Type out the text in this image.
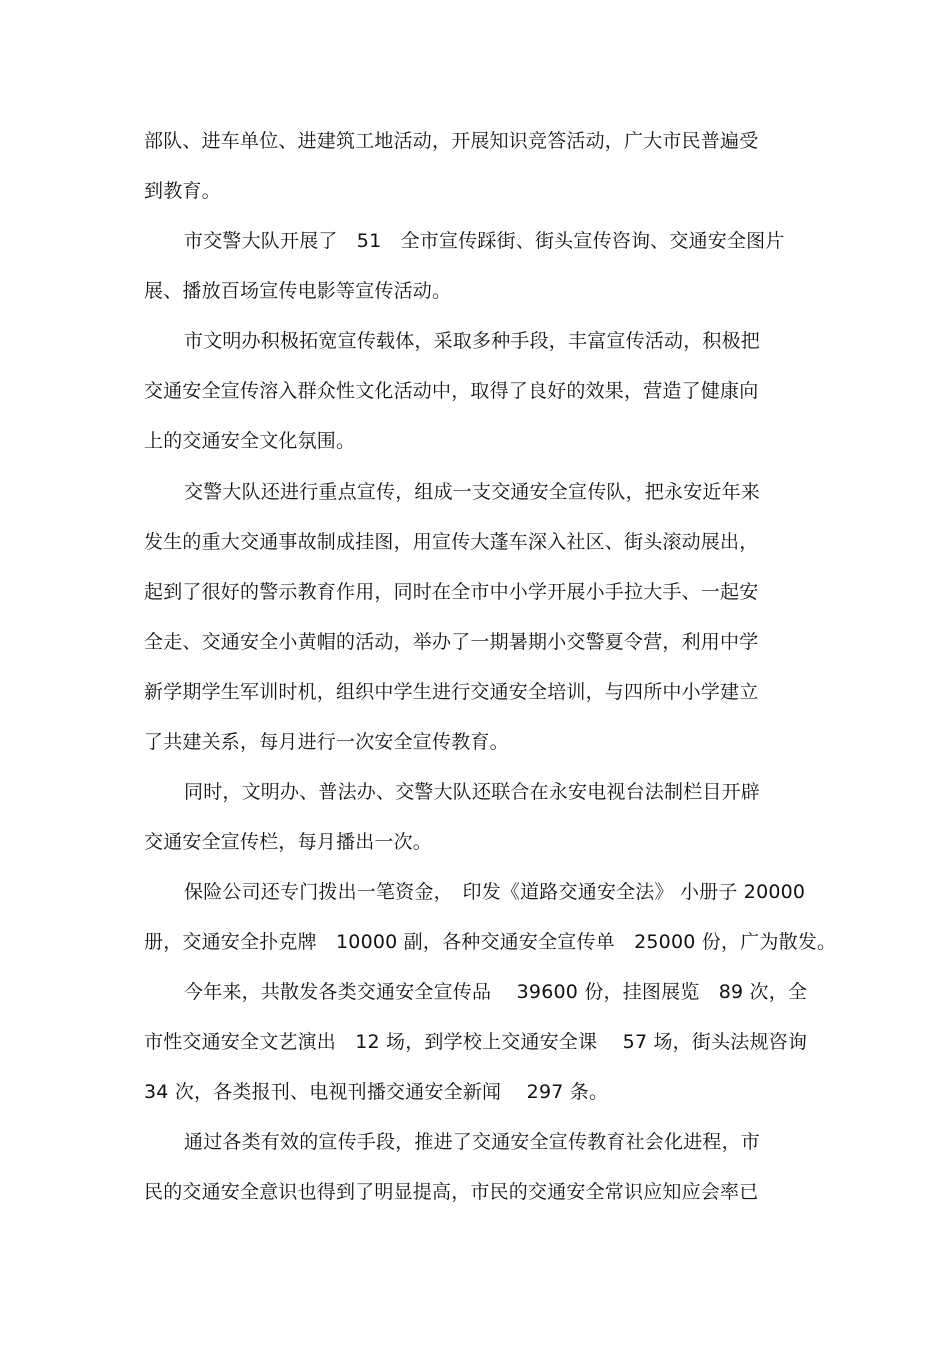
部队、进车单位、进建筑工地活动，开展知识竞答活动，广大市民普遍受
到教育。
市交警大队开展了　51　全市宣传踩街、街头宣传咨询、交通安全图片
展、播放百场宣传电影等宣传活动。
市文明办积极拓宽宣传载体，采取多种手段，丰富宣传活动，积极把
交通安全宣传溶入群众性文化活动中，取得了良好的效果，营造了健康向
上的交通安全文化氛围。
交警大队还进行重点宣传，组成一支交通安全宣传队，把永安近年来
发生的重大交通事故制成挂图，用宣传大蓬车深入社区、街头滚动展出，
起到了很好的警示教育作用，同时在全市中小学开展小手拉大手、一起安
全走、交通安全小黄帽的活动，举办了一期暑期小交警夏令营，利用中学
新学期学生军训时机，组织中学生进行交通安全培训，与四所中小学建立
了共建关系，每月进行一次安全宣传教育。
同时，文明办、普法办、交警大队还联合在永安电视台法制栏目开辟
交通安全宣传栏，每月播出一次。
保险公司还专门拨出一笔资金，　印发《道路交通安全法》 小册子 20000
册，交通安全扑克牌　10000 副，各种交通安全宣传单　25000 份，广为散发。
今年来，共散发各类交通安全宣传品　 39600 份，挂图展览　89 次，全
市性交通安全文艺演出　12 场，到学校上交通安全课　 57 场，街头法规咨询
34 次，各类报刊、电视刊播交通安全新闻　 297 条。
通过各类有效的宣传手段，推进了交通安全宣传教育社会化进程，市
民的交通安全意识也得到了明显提高，市民的交通安全常识应知应会率已
